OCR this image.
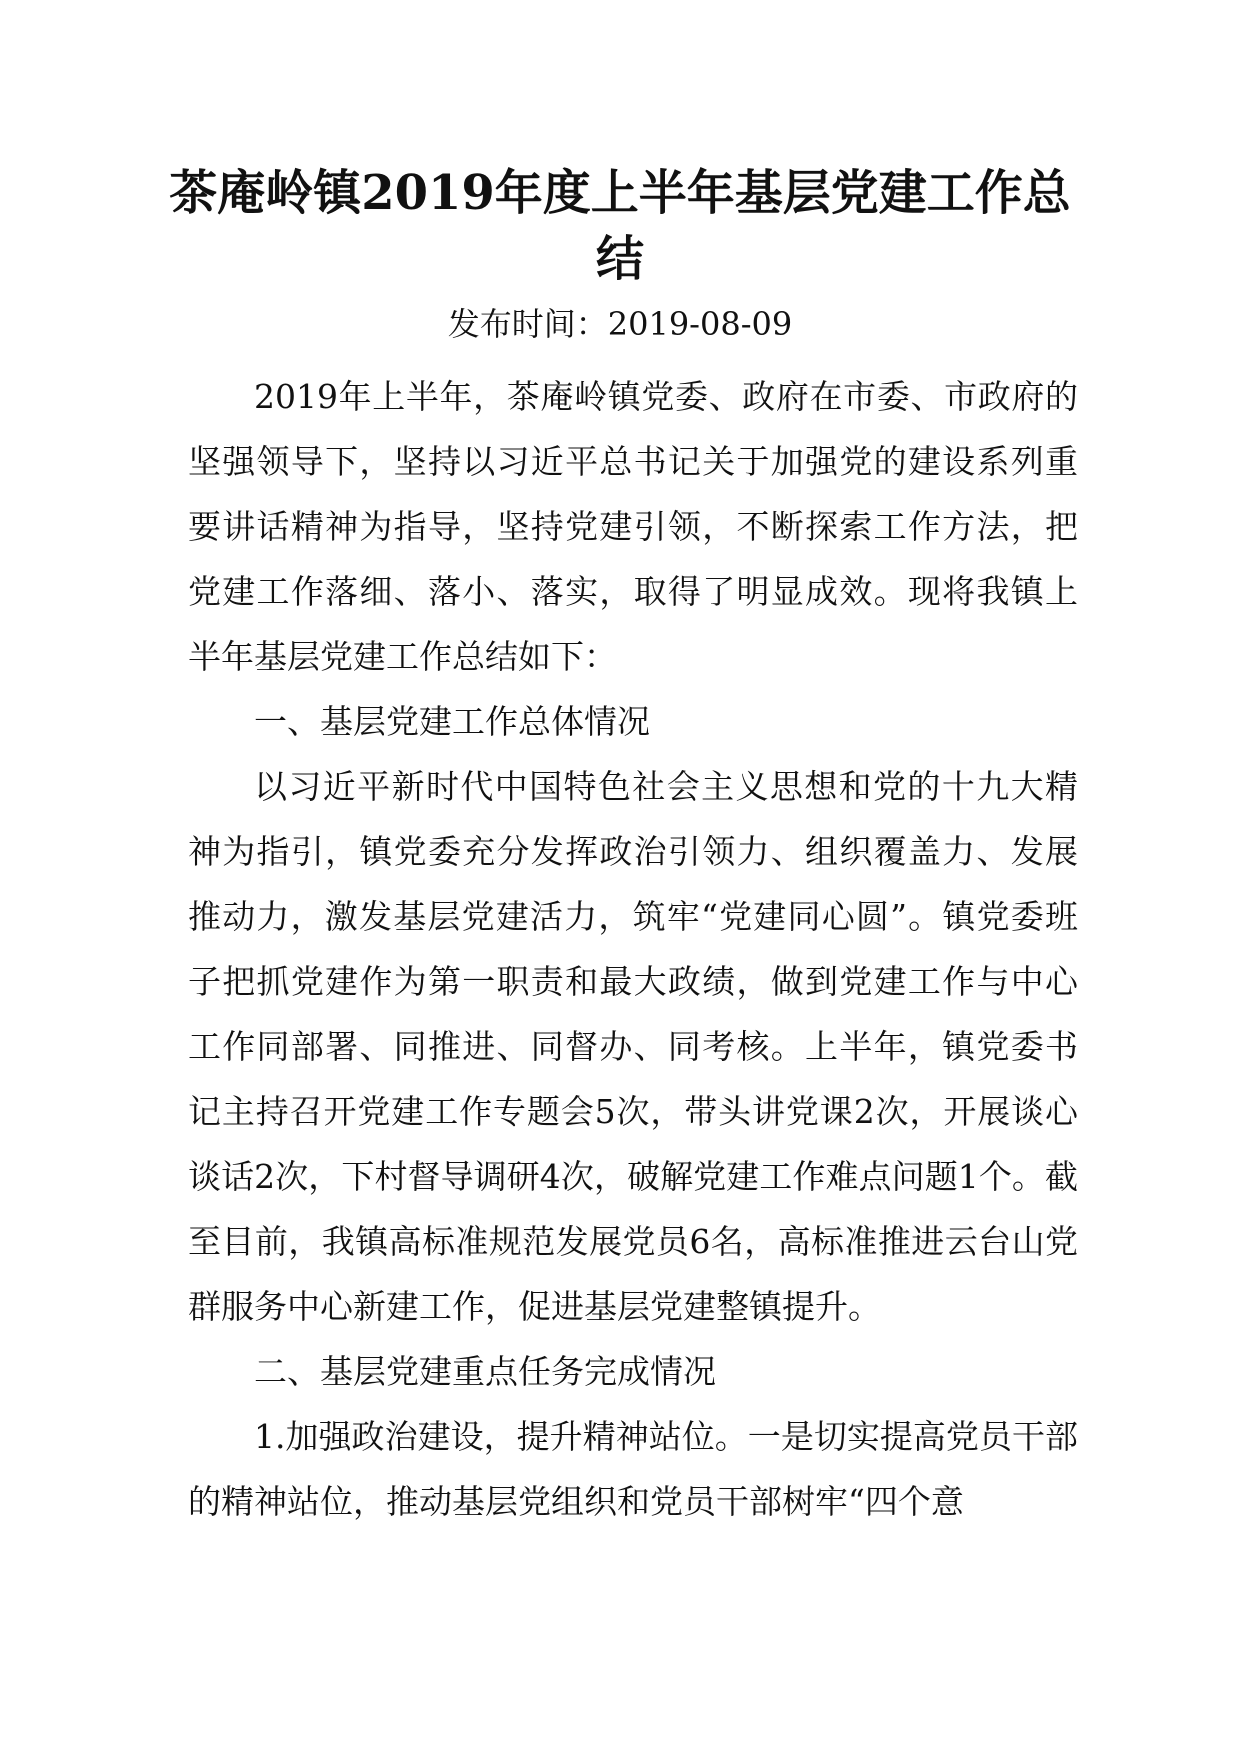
茶庵岭镇2019年度上半年基层党建工作总结
发布时间：2019-08-09

2019年上半年，茶庵岭镇党委、政府在市委、市政府的坚强领导下，坚持以习近平总书记关于加强党的建设系列重要讲话精神为指导，坚持党建引领，不断探索工作方法，把党建工作落细、落小、落实，取得了明显成效。现将我镇上半年基层党建工作总结如下：

一、基层党建工作总体情况

以习近平新时代中国特色社会主义思想和党的十九大精神为指引，镇党委充分发挥政治引领力、组织覆盖力、发展推动力，激发基层党建活力，筑牢“党建同心圆”。镇党委班子把抓党建作为第一职责和最大政绩，做到党建工作与中心工作同部署、同推进、同督办、同考核。上半年，镇党委书记主持召开党建工作专题会5次，带头讲党课2次，开展谈心谈话2次，下村督导调研4次，破解党建工作难点问题1个。截至目前，我镇高标准规范发展党员6名，高标准推进云台山党群服务中心新建工作，促进基层党建整镇提升。

二、基层党建重点任务完成情况

1.加强政治建设，提升精神站位。一是切实提高党员干部的精神站位，推动基层党组织和党员干部树牢“四个意
